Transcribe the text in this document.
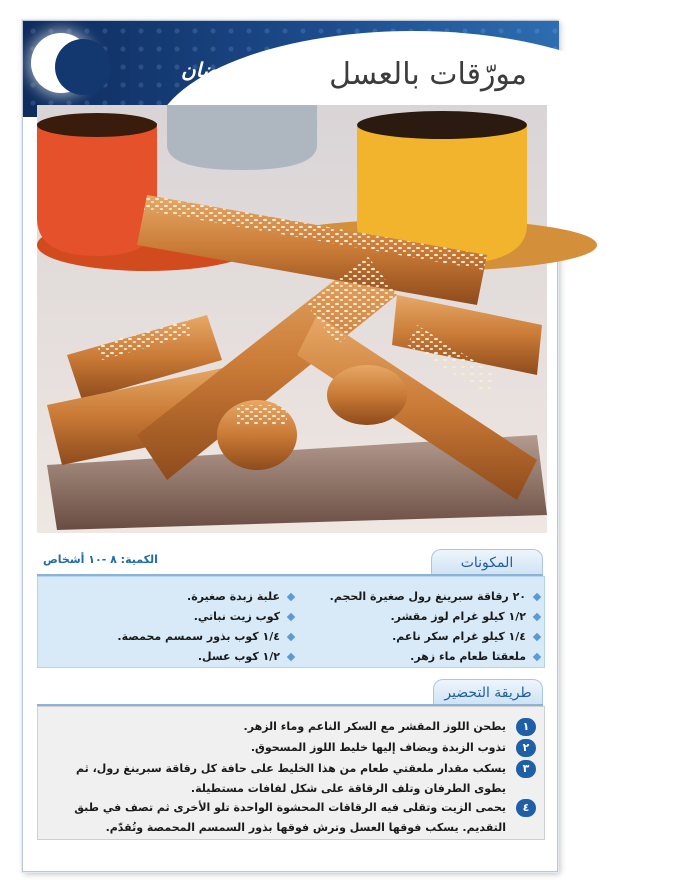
أطايب رمضان مورّقات بالعسل
الكمية: ٨ -١٠ أشخاص	المكونات
٢٠ رقاقة سبرينغ رول صغيرة الحجم.
١/٢ كيلو غرام لوز مقشر.
١/٤ كيلو غرام سكر ناعم.
ملعقتا طعام ماء زهر.
علبة زبدة صغيرة.
كوب زيت نباتي.
١/٤ كوب بذور سمسم محمصة.
١/٢ كوب عسل.
طريقة التحضير
١
يطحن اللوز المقشر مع السكر الناعم وماء الزهر.
٢
تذوب الزبدة ويضاف إليها خليط اللوز المسحوق.
٣
يسكب مقدار ملعقتي طعام من هذا الخليط على حافة كل رقاقة سبرينغ رول، ثم يطوى الطرفان وتلف الرقاقة على شكل لفافات مستطيلة.
٤
يحمى الزيت وتقلى فيه الرقاقات المحشوة الواحدة تلو الأخرى ثم تصف في طبق التقديم. يسكب فوقها العسل وترش فوقها بذور السمسم المحمصة وتُقدّم.
